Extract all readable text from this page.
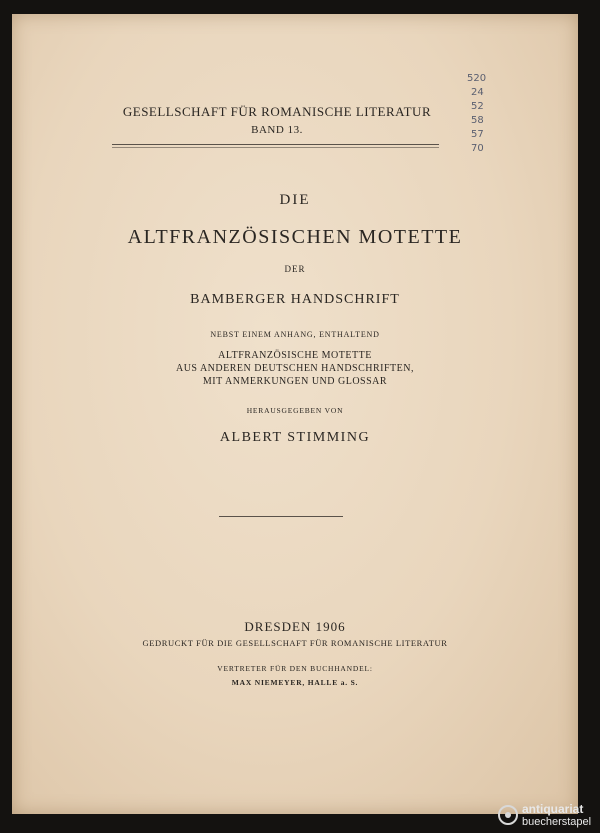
GESELLSCHAFT FÜR ROMANISCHE LITERATUR
BAND 13.
520
24
52
58
57
70
DIE
ALTFRANZÖSISCHEN MOTETTE
DER
BAMBERGER HANDSCHRIFT
NEBST EINEM ANHANG, ENTHALTEND
ALTFRANZÖSISCHE MOTETTE
AUS ANDEREN DEUTSCHEN HANDSCHRIFTEN,
MIT ANMERKUNGEN UND GLOSSAR
HERAUSGEGEBEN VON
ALBERT STIMMING
DRESDEN 1906
GEDRUCKT FÜR DIE GESELLSCHAFT FÜR ROMANISCHE LITERATUR
VERTRETER FÜR DEN BUCHHANDEL:
MAX NIEMEYER, HALLE a. S.
antiquariat
buecherstapel
